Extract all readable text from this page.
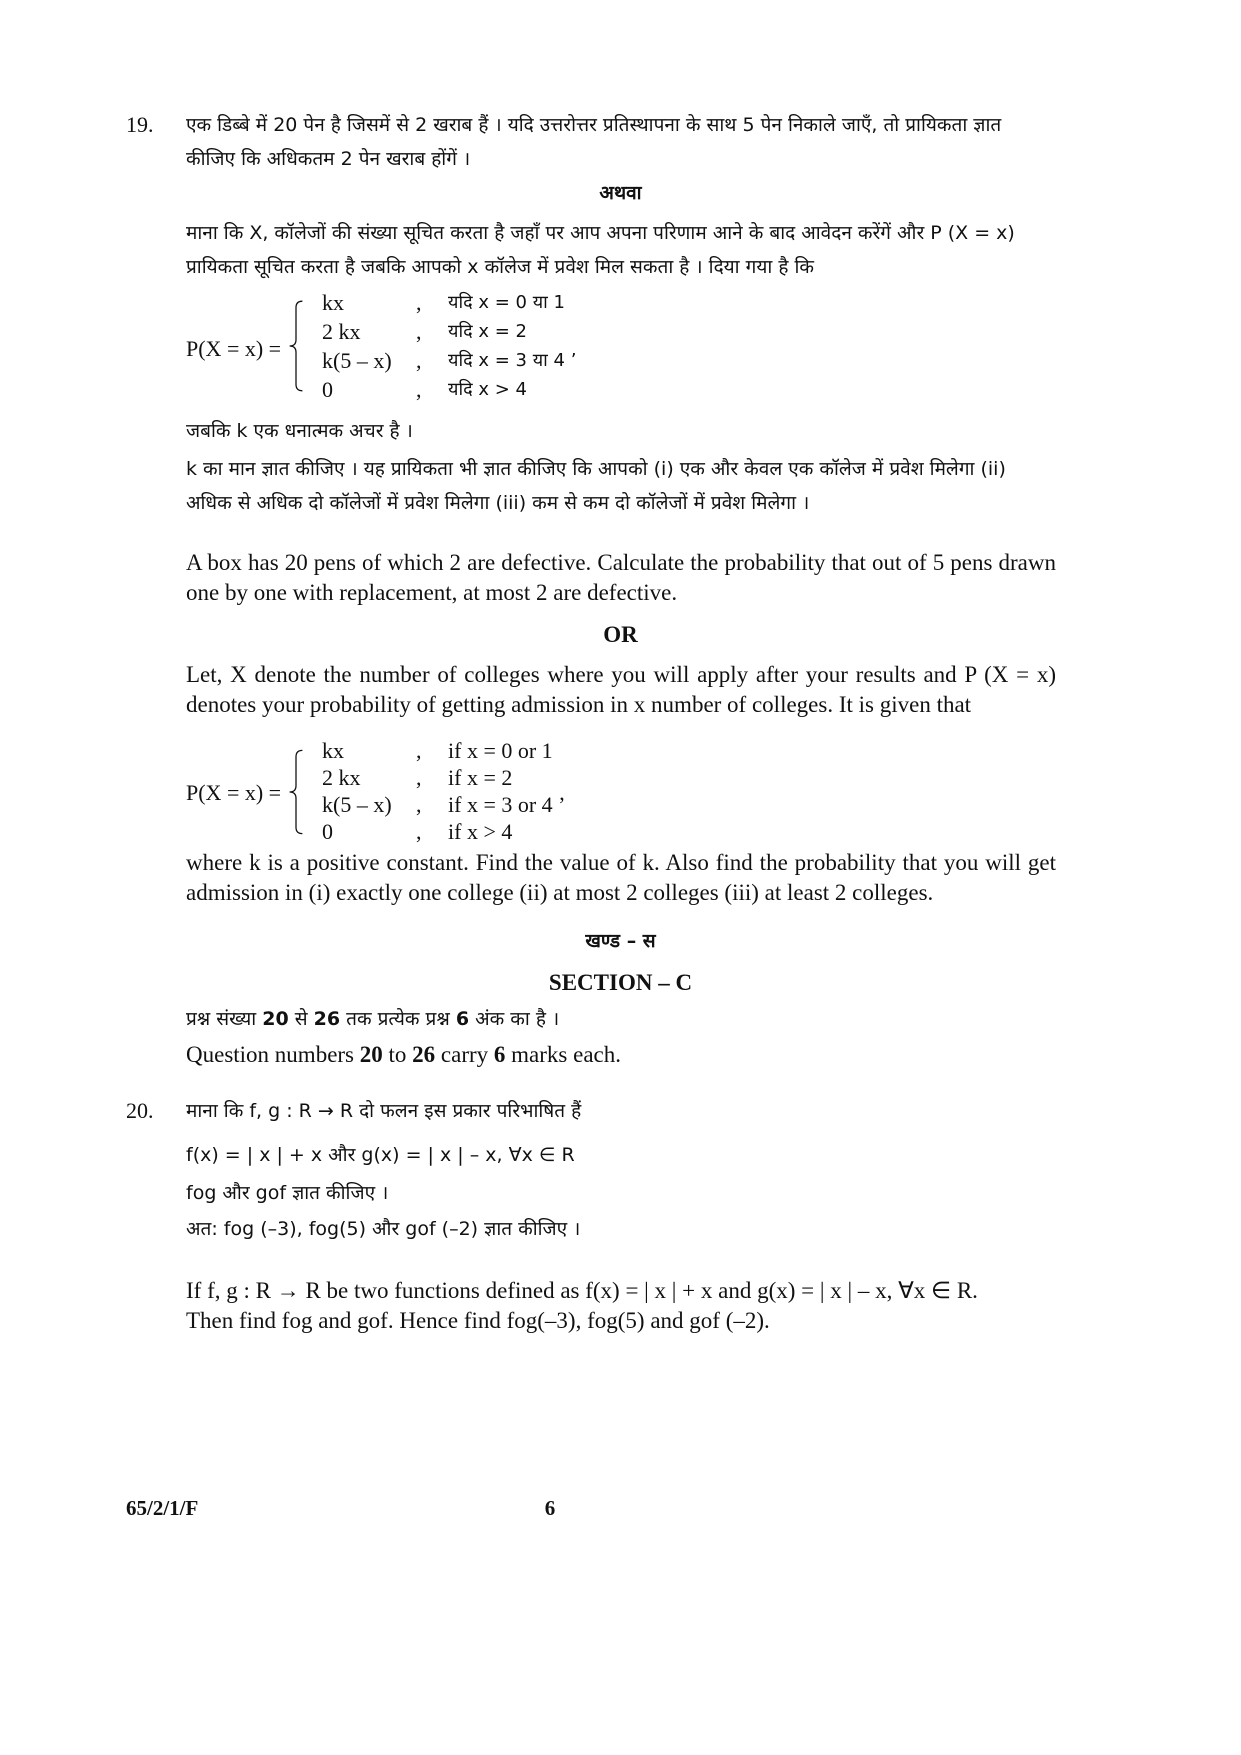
19. एक डिब्बे में 20 पेन है जिसमें से 2 खराब हैं । यदि उत्तरोत्तर प्रतिस्थापना के साथ 5 पेन निकाले जाएँ, तो प्रायिकता ज्ञात कीजिए कि अधिकतम 2 पेन खराब होंगें ।
अथवा
माना कि X, कॉलेजों की संख्या सूचित करता है जहाँ पर आप अपना परिणाम आने के बाद आवेदन करेंगें और P (X = x) प्रायिकता सूचित करता है जबकि आपको x कॉलेज में प्रवेश मिल सकता है । दिया गया है कि
P(X = x) =
kx	, यदि x = 0 या 1
2 kx	, यदि x = 2
k(5 – x) , यदि x = 3 या 4 ’
0	, यदि x > 4
जबकि k एक धनात्मक अचर है ।
k का मान ज्ञात कीजिए । यह प्रायिकता भी ज्ञात कीजिए कि आपको (i) एक और केवल एक कॉलेज में प्रवेश मिलेगा (ii) अधिक से अधिक दो कॉलेजों में प्रवेश मिलेगा (iii) कम से कम दो कॉलेजों में प्रवेश मिलेगा ।
A box has 20 pens of which 2 are defective. Calculate the probability that out of 5 pens drawn one by one with replacement, at most 2 are defective.
OR
Let, X denote the number of colleges where you will apply after your results and P (X = x) denotes your probability of getting admission in x number of colleges. It is given that
P(X = x) =
kx	, if x = 0 or 1
2 kx	, if x = 2
k(5 – x) , if x = 3 or 4 ’
0	, if x > 4
where k is a positive constant. Find the value of k. Also find the probability that you will get admission in (i) exactly one college (ii) at most 2 colleges (iii) at least 2 colleges.
खण्ड – स
SECTION – C
प्रश्न संख्या 20 से 26 तक प्रत्येक प्रश्न 6 अंक का है ।
Question numbers 20 to 26 carry 6 marks each.
20. माना कि f, g : R → R दो फलन इस प्रकार परिभाषित हैं
f(x) = | x | + x और g(x) = | x | – x, ∀x ∈ R
fog और gof ज्ञात कीजिए ।
अत: fog (–3), fog(5) और gof (–2) ज्ञात कीजिए ।
If f, g : R → R be two functions defined as f(x) = | x | + x and g(x) = | x | – x, ∀x ∈ R.
Then find fog and gof. Hence find fog(–3), fog(5) and gof (–2).
65/2/1/F	6
